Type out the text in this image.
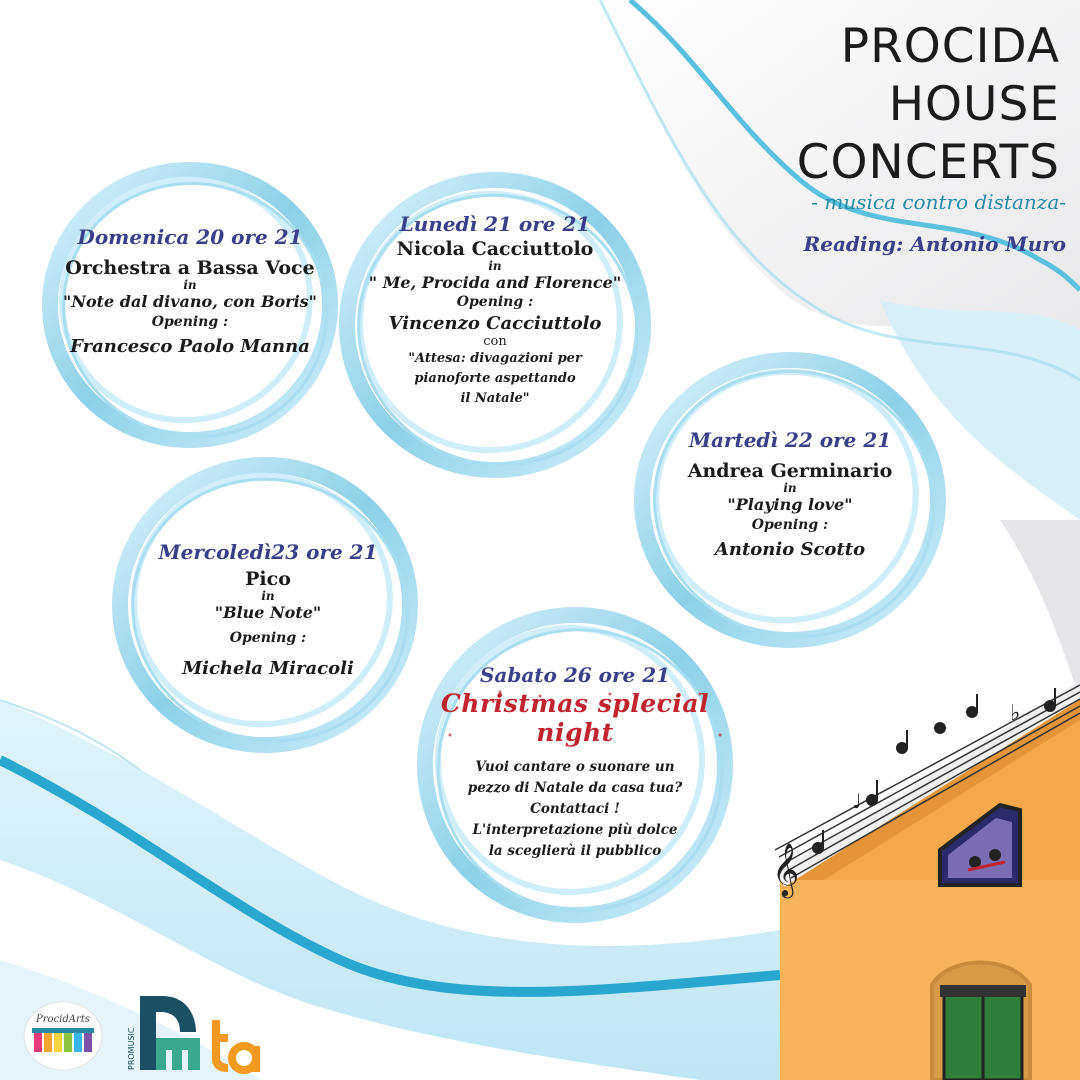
𝄞
♭
♩
PROCIDA
HOUSE
CONCERTS
- musica contro distanza-
Reading: Antonio Muro
Domenica 20 ore 21
Orchestra a Bassa Voce
in
"Note dal divano, con Boris"
Opening :
Francesco Paolo Manna
Lunedì 21 ore 21
Nicola Cacciuttolo
in
" Me, Procida and Florence"
Opening :
Vincenzo Cacciuttolo
con
"Attesa: divagazioni per
pianoforte aspettando
il Natale"
Martedì 22 ore 21
Andrea Germinario
in
"Playing love"
Opening :
Antonio Scotto
Mercoledì23 ore 21
Pico
in
"Blue Note"
Opening :
Michela Miracoli	Sabato 26 ore 21
Christmas splecial night
Vuoi cantare o suonare un
pezzo di Natale da casa tua?
Contattaci !
L'interpretazione più dolce
la sceglierà il pubblico
ProcidArts
PROMUSIC
